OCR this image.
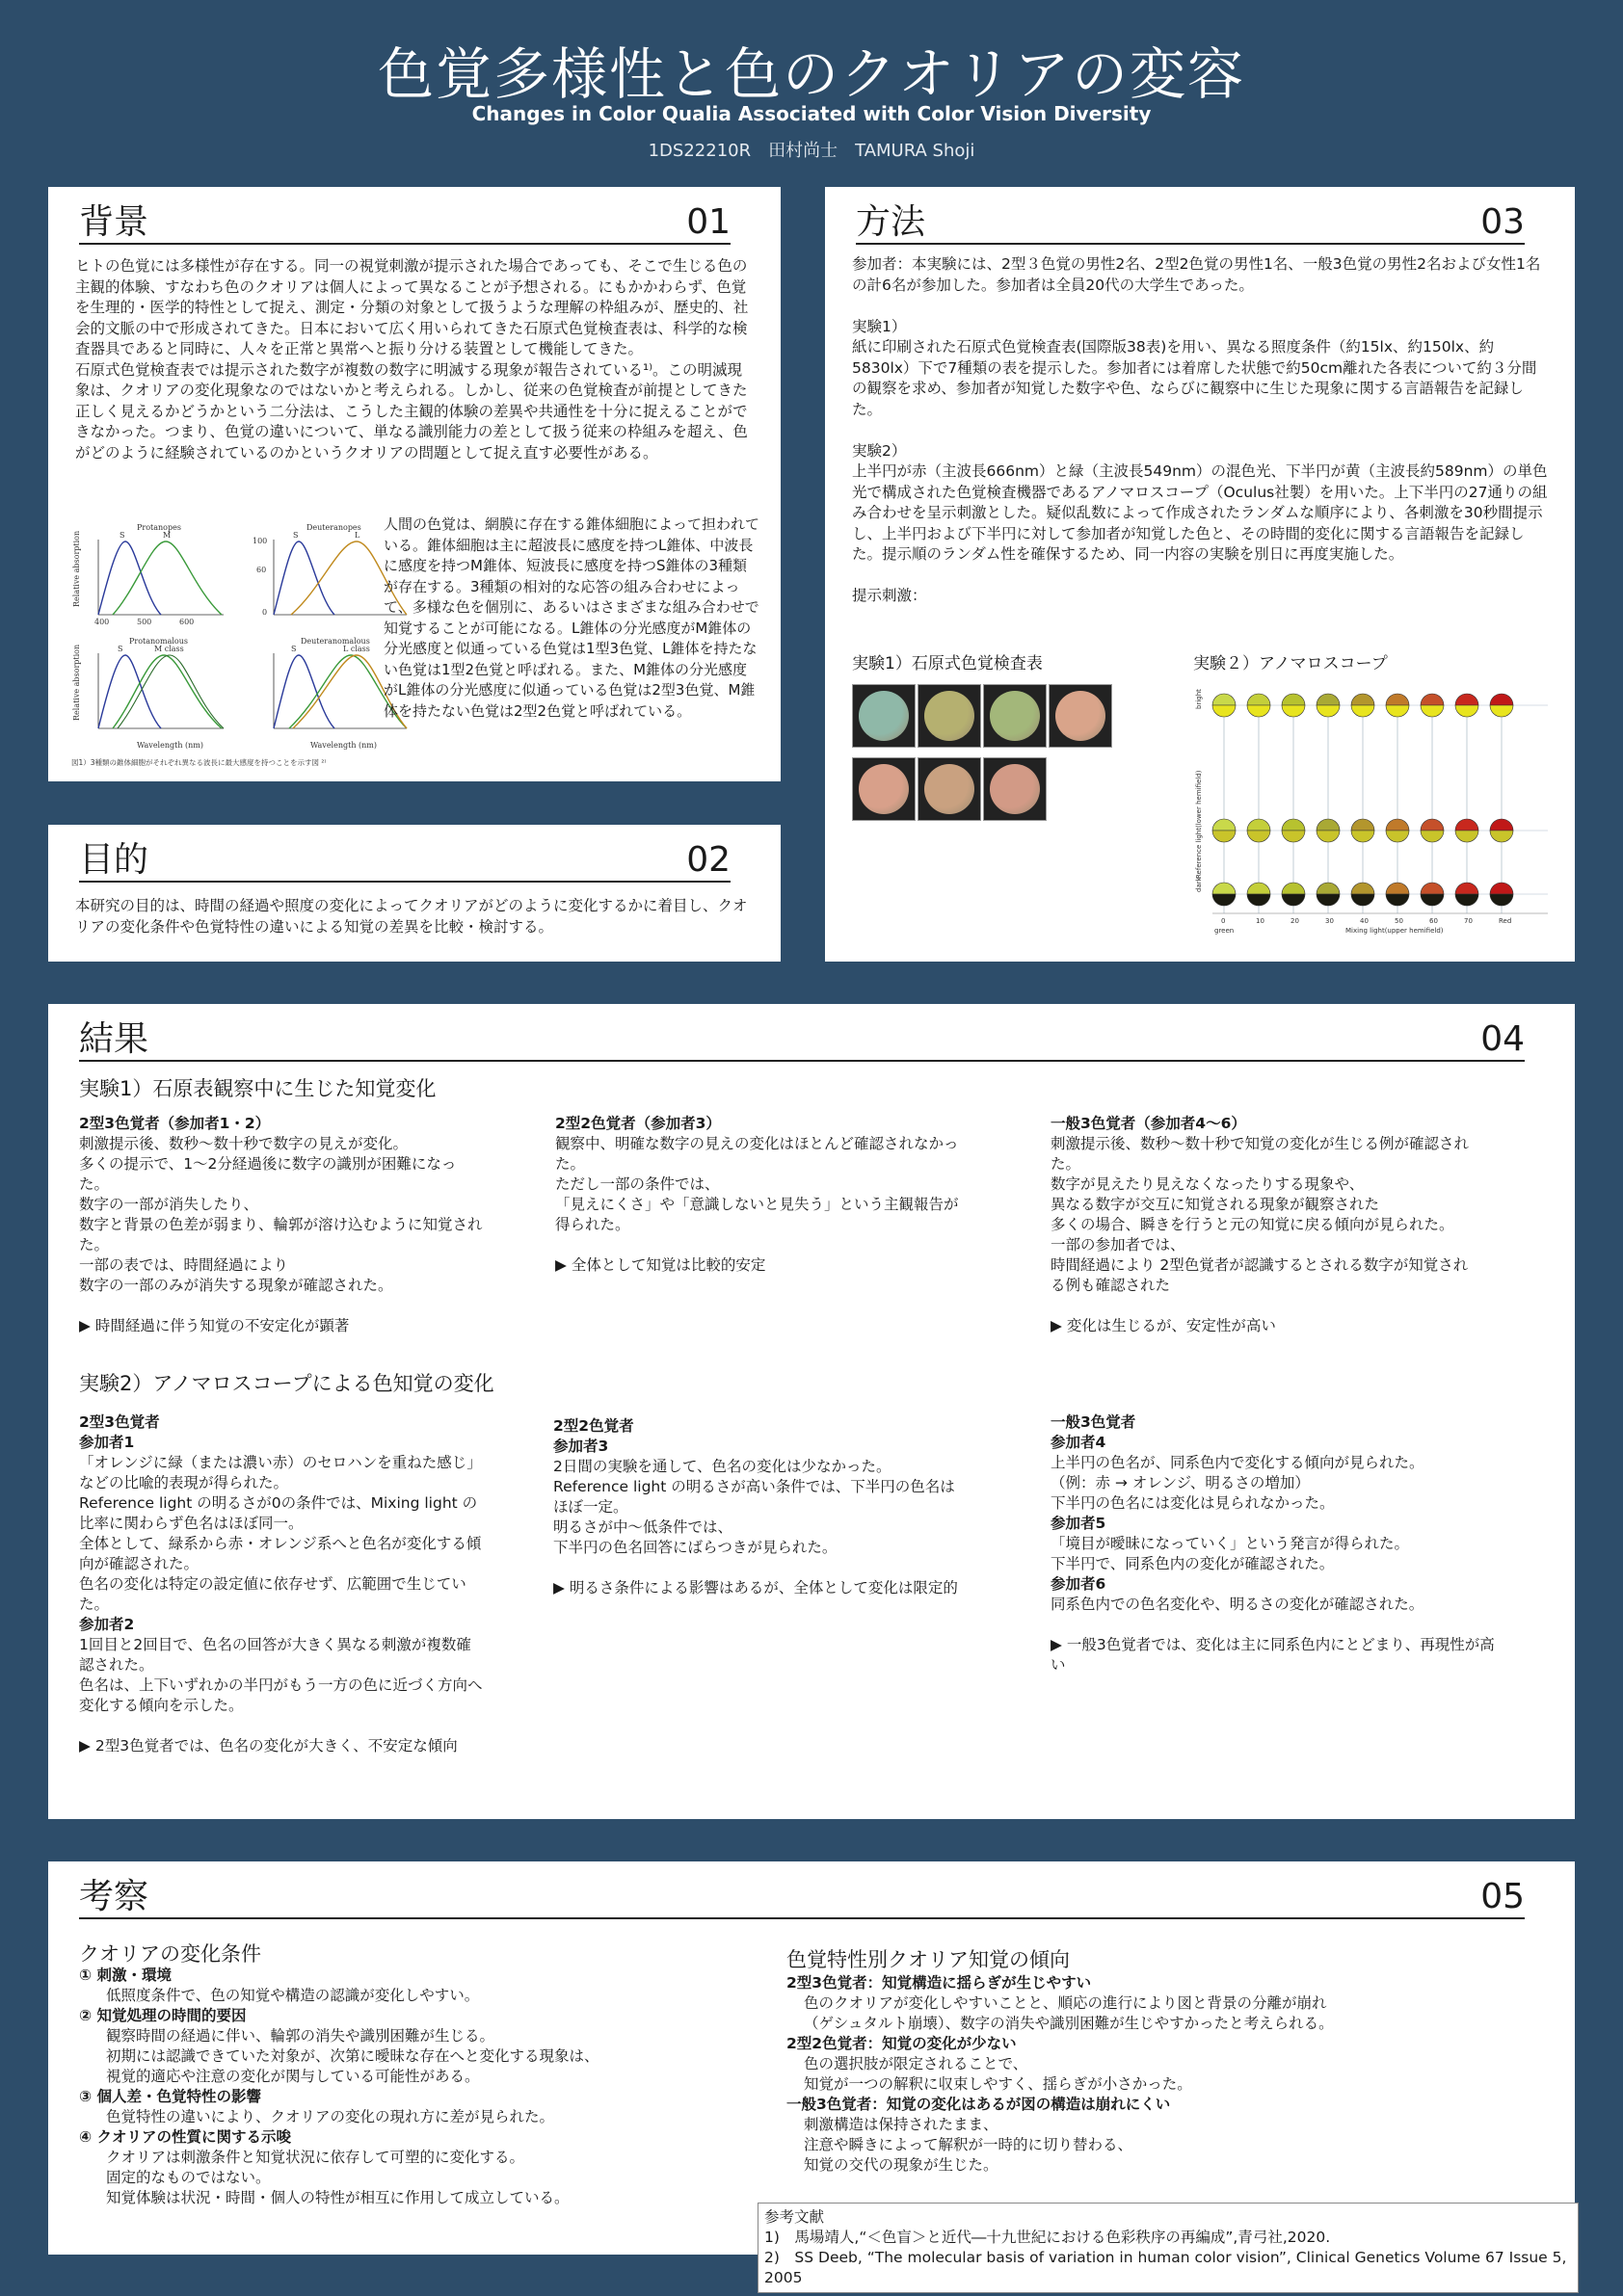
色覚多様性と色のクオリアの変容
Changes in Color Qualia Associated with Color Vision Diversity
1DS22210R　田村尚士　TAMURA Shoji
背景	01
ヒトの色覚には多様性が存在する。同一の視覚刺激が提示された場合であっても、そこで生じる色の主観的体験、すなわち色のクオリアは個人によって異なることが予想される。にもかかわらず、色覚を生理的・医学的特性として捉え、測定・分類の対象として扱うような理解の枠組みが、歴史的、社会的文脈の中で形成されてきた。日本において広く用いられてきた石原式色覚検査表は、科学的な検査器具であると同時に、人々を正常と異常へと振り分ける装置として機能してきた。
石原式色覚検査表では提示された数字が複数の数字に明滅する現象が報告されている¹⁾。この明滅現象は、クオリアの変化現象なのではないかと考えられる。しかし、従来の色覚検査が前提としてきた正しく見えるかどうかという二分法は、こうした主観的体験の差異や共通性を十分に捉えることができなかった。つまり、色覚の違いについて、単なる識別能力の差として扱う従来の枠組みを超え、色がどのように経験されているのかというクオリアの問題として捉え直す必要性がある。
Protanopes
S	M
Relative absorption
400	500	600
Deuteranopes
S	L
100
60
0
Protanomalous
S	M class
Relative absorption
Wavelength (nm)
Deuteranomalous
S	L class
Wavelength (nm)
図1）3種類の錐体細胞がそれぞれ異なる波長に最大感度を持つことを示す図 ²⁾
人間の色覚は、網膜に存在する錐体細胞によって担われている。錐体細胞は主に超波長に感度を持つL錐体、中波長に感度を持つM錐体、短波長に感度を持つS錐体の3種類が存在する。3種類の相対的な応答の組み合わせによって、多様な色を個別に、あるいはさまざまな組み合わせで知覚することが可能になる。L錐体の分光感度がM錐体の分光感度と似通っている色覚は1型3色覚、L錐体を持たない色覚は1型2色覚と呼ばれる。また、M錐体の分光感度がL錐体の分光感度に似通っている色覚は2型3色覚、M錐体を持たない色覚は2型2色覚と呼ばれている。
目的	02
本研究の目的は、時間の経過や照度の変化によってクオリアがどのように変化するかに着目し、クオリアの変化条件や色覚特性の違いによる知覚の差異を比較・検討する。
方法	03
参加者：本実験には、2型３色覚の男性2名、2型2色覚の男性1名、一般3色覚の男性2名および女性1名の計6名が参加した。参加者は全員20代の大学生であった。

実験1）
紙に印刷された石原式色覚検査表(国際版38表)を用い、異なる照度条件（約15lx、約150lx、約5830lx）下で7種類の表を提示した。参加者には着席した状態で約50cm離れた各表について約３分間の観察を求め、参加者が知覚した数字や色、ならびに観察中に生じた現象に関する言語報告を記録した。

実験2）
上半円が赤（主波長666nm）と緑（主波長549nm）の混色光、下半円が黄（主波長約589nm）の単色光で構成された色覚検査機器であるアノマロスコープ（Oculus社製）を用いた。上下半円の27通りの組み合わせを呈示刺激とした。疑似乱数によって作成されたランダムな順序により、各刺激を30秒間提示し、上半円および下半円に対して参加者が知覚した色と、その時間的変化に関する言語報告を記録した。提示順のランダム性を確保するため、同一内容の実験を別日に再度実施した。

提示刺激：
実験1）石原式色覚検査表	実験２）アノマロスコープ
bright
Reference light(lower hemifield)
dark
Mixing light(upper hemifield)
green
0	10	20	30	40	50	60	70	Red
結果	04
実験1）石原表観察中に生じた知覚変化
2型3色覚者（参加者1・2）
刺激提示後、数秒～数十秒で数字の見えが変化。
多くの提示で、1～2分経過後に数字の識別が困難になった。
数字の一部が消失したり、
数字と背景の色差が弱まり、輪郭が溶け込むように知覚された。
一部の表では、時間経過により
数字の一部のみが消失する現象が確認された。
▶ 時間経過に伴う知覚の不安定化が顕著
2型2色覚者（参加者3）
観察中、明確な数字の見えの変化はほとんど確認されなかった。
ただし一部の条件では、
「見えにくさ」や「意識しないと見失う」という主観報告が得られた。
▶ 全体として知覚は比較的安定
一般3色覚者（参加者4～6）
刺激提示後、数秒～数十秒で知覚の変化が生じる例が確認された。
数字が見えたり見えなくなったりする現象や、
異なる数字が交互に知覚される現象が観察された
多くの場合、瞬きを行うと元の知覚に戻る傾向が見られた。
一部の参加者では、
時間経過により 2型色覚者が認識するとされる数字が知覚される例も確認された
▶ 変化は生じるが、安定性が高い
実験2）アノマロスコープによる色知覚の変化
2型3色覚者
参加者1
「オレンジに緑（または濃い赤）のセロハンを重ねた感じ」などの比喩的表現が得られた。
Reference light の明るさが0の条件では、Mixing light の比率に関わらず色名はほぼ同一。
全体として、緑系から赤・オレンジ系へと色名が変化する傾向が確認された。
色名の変化は特定の設定値に依存せず、広範囲で生じていた。
参加者2
1回目と2回目で、色名の回答が大きく異なる刺激が複数確認された。
色名は、上下いずれかの半円がもう一方の色に近づく方向へ変化する傾向を示した。
▶ 2型3色覚者では、色名の変化が大きく、不安定な傾向
2型2色覚者
参加者3
2日間の実験を通して、色名の変化は少なかった。
Reference light の明るさが高い条件では、下半円の色名はほぼ一定。
明るさが中～低条件では、
下半円の色名回答にばらつきが見られた。
▶ 明るさ条件による影響はあるが、全体として変化は限定的
一般3色覚者
参加者4
上半円の色名が、同系色内で変化する傾向が見られた。
（例：赤 → オレンジ、明るさの増加）
下半円の色名には変化は見られなかった。
参加者5
「境目が曖昧になっていく」という発言が得られた。
下半円で、同系色内の変化が確認された。
参加者6
同系色内での色名変化や、明るさの変化が確認された。
▶ 一般3色覚者では、変化は主に同系色内にとどまり、再現性が高い
考察	05
クオリアの変化条件
① 刺激・環境
低照度条件で、色の知覚や構造の認識が変化しやすい。
② 知覚処理の時間的要因
観察時間の経過に伴い、輪郭の消失や識別困難が生じる。
初期には認識できていた対象が、次第に曖昧な存在へと変化する現象は、
視覚的適応や注意の変化が関与している可能性がある。
③ 個人差・色覚特性の影響
色覚特性の違いにより、クオリアの変化の現れ方に差が見られた。
④ クオリアの性質に関する示唆
クオリアは刺激条件と知覚状況に依存して可塑的に変化する。
固定的なものではない。
知覚体験は状況・時間・個人の特性が相互に作用して成立している。
色覚特性別クオリア知覚の傾向
2型3色覚者：知覚構造に揺らぎが生じやすい
色のクオリアが変化しやすいことと、順応の進行により図と背景の分離が崩れ
（ゲシュタルト崩壊）、数字の消失や識別困難が生じやすかったと考えられる。
2型2色覚者：知覚の変化が少ない
色の選択肢が限定されることで、
知覚が一つの解釈に収束しやすく、揺らぎが小さかった。
一般3色覚者：知覚の変化はあるが図の構造は崩れにくい
刺激構造は保持されたまま、
注意や瞬きによって解釈が一時的に切り替わる、
知覚の交代の現象が生じた。
参考文献
1)　馬場靖人,“＜色盲＞と近代―十九世紀における色彩秩序の再編成”,青弓社,2020.
2)　SS Deeb, “The molecular basis of variation in human color vision”, Clinical Genetics Volume 67 Issue 5, 2005
